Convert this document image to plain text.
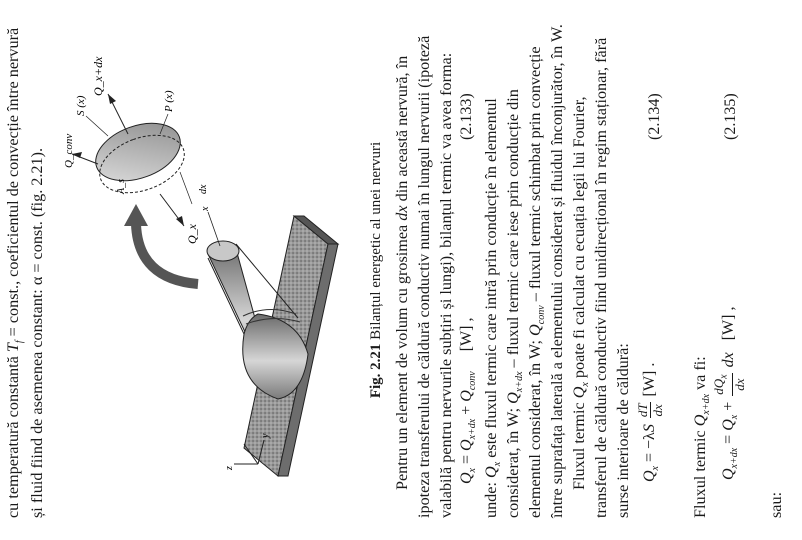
cu temperatură constantă $T_f$ = const., coeficientul de convecție între nervură și fluid fiind de asemenea constant: α = const. (fig. 2.21).	x
z
y
Q_x
Q_x+dx
Q_conv
S (x)	P (x)
dx
A_s
Fig. 2.21 Bilanțul energetic al unei nervuri Pentru un element de volum cu grosimea dx din această nervură, în ipoteza transferului de căldură conductiv numai în lungul nervurii (ipoteză valabilă pentru nervurile subțiri și lungi), bilanțul termic va avea forma: $Q_x = Q_{x+dx} + Q_{conv}$     [W] ,
(2.133)
unde: $Q_x$ este fluxul termic care intră prin conducție în elementul considerat, în W; $Q_{x+dx}$ – fluxul termic care iese prin conducție din
elementul considerat, în W; $Q_{conv}$ – fluxul termic schimbat prin convecție între suprafața laterală a elementului considerat și fluidul înconjurător, în W. Fluxul termic $Q_x$ poate fi calculat cu ecuația legii lui Fourier, transferul de căldură conductiv fiind unidirecțional în regim staționar, fără surse interioare de căldură: $Q_x = -\lambda S$
dT dx
[W] .
(2.134)
Fluxul termic $Q_{x+dx}$ va fi:
$Q_{x+dx} = Q_x$ +
$dQ_x$
dx
dx   [W] ,
(2.135)
sau:
